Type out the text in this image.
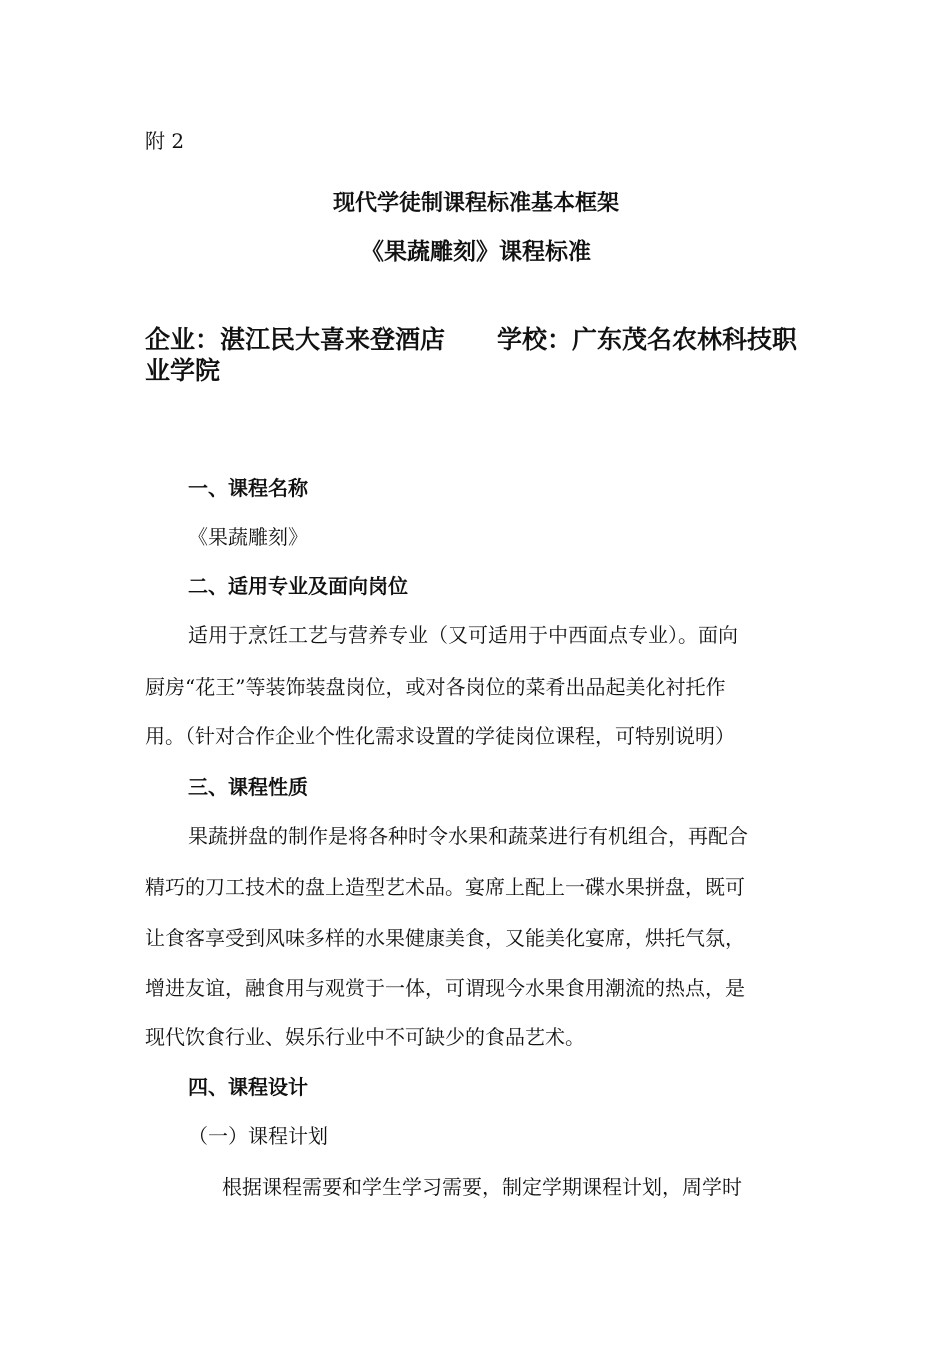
附 2

现代学徒制课程标准基本框架

《果蔬雕刻》课程标准

企业：湛江民大喜来登酒店 学校：广东茂名农林科技职
业学院

一、课程名称

《果蔬雕刻》

二、适用专业及面向岗位

适用于烹饪工艺与营养专业（又可适用于中西面点专业）。面向

厨房“花王”等装饰装盘岗位，或对各岗位的菜肴出品起美化衬托作

用。（针对合作企业个性化需求设置的学徒岗位课程，可特别说明）

三、课程性质

果蔬拼盘的制作是将各种时令水果和蔬菜进行有机组合，再配合

精巧的刀工技术的盘上造型艺术品。宴席上配上一碟水果拼盘，既可

让食客享受到风味多样的水果健康美食，又能美化宴席，烘托气氛，

增进友谊，融食用与观赏于一体，可谓现今水果食用潮流的热点，是

现代饮食行业、娱乐行业中不可缺少的食品艺术。

四、课程设计

（一）课程计划

根据课程需要和学生学习需要，制定学期课程计划，周学时
